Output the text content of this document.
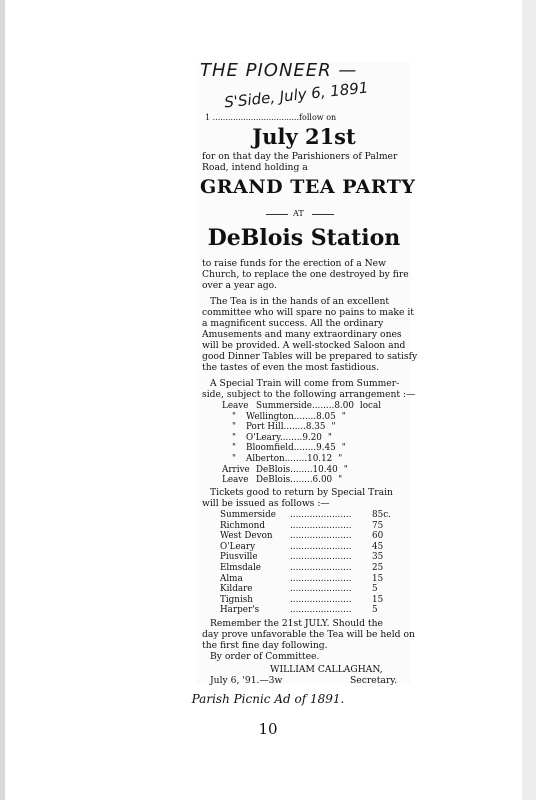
THE PIONEER —
S'Side, July 6, 1891
1 ..................................follow on
July 21st
for on that day the Parishioners of Palmer
Road, intend holding a
GRAND TEA PARTY
AT
DeBlois Station
to raise funds for the erection of a New
Church, to replace the one destroyed by fire
over a year ago.
The Tea is in the hands of an excellent
committee who will spare no pains to make it
a magnificent success. All the ordinary
Amusements and many extraordinary ones
will be provided. A well-stocked Saloon and
good Dinner Tables will be prepared to satisfy
the tastes of even the most fastidious.
A Special Train will come from Summer-
side, subject to the following arrangement :—
Leave Summerside........8.00 local
" Wellington........8.05 "
" Port Hill........8.35 "
" O'Leary........9.20 "
" Bloomfield........9.45 "
" Alberton........10.12 "
Arrive DeBlois........10.40 "
Leave DeBlois........6.00 "
Tickets good to return by Special Train
will be issued as follows :—
Summerside ...................... 85c.
Richmond	...................... 75
West Devon ...................... 60
O'Leary	...................... 45
Piusville	...................... 35
Elmsdale	...................... 25
Alma	...................... 15
Kildare	...................... 5
Tignish	...................... 15
Harper's	...................... 5
Remember the 21st JULY. Should the
day prove unfavorable the Tea will be held on
the first fine day following.
By order of Committee.
WILLIAM CALLAGHAN,
July 6, '91.—3w	Secretary.
Parish Picnic Ad of 1891.
10
